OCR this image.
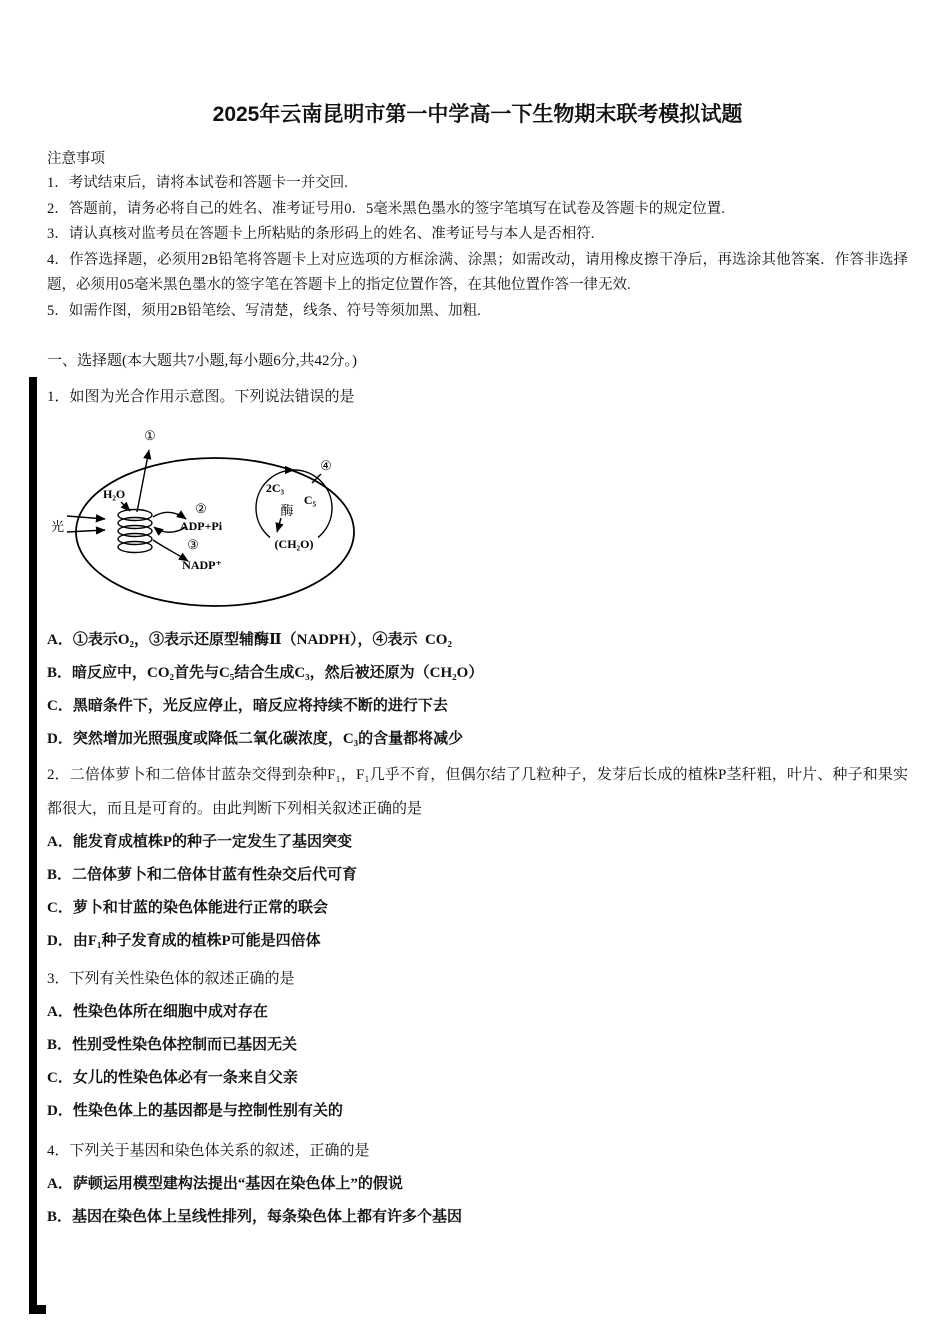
2025年云南昆明市第一中学高一下生物期末联考模拟试题
注意事项

1．考试结束后，请将本试卷和答题卡一并交回.

2．答题前，请务必将自己的姓名、准考证号用0．5毫米黑色墨水的签字笔填写在试卷及答题卡的规定位置.

3．请认真核对监考员在答题卡上所粘贴的条形码上的姓名、准考证号与本人是否相符.

4．作答选择题，必须用2B铅笔将答题卡上对应选项的方框涂满、涂黑；如需改动，请用橡皮擦干净后，再选涂其他答案．作答非选择题，必须用05毫米黑色墨水的签字笔在答题卡上的指定位置作答，在其他位置作答一律无效.

5．如需作图，须用2B铅笔绘、写清楚，线条、符号等须加黑、加粗.

一、选择题(本大题共7小题,每小题6分,共42分。)

1．如图为光合作用示意图。下列说法错误的是

①
光
H₂O
②
ADP+Pi
③
NADP⁺
2C₃
酶
C₅
(CH₂O)
④

A．①表示O₂，③表示还原型辅酶Ⅱ（NADPH），④表示  CO₂

B．暗反应中，CO₂首先与C₅结合生成C₃，然后被还原为（CH₂O）

C．黑暗条件下，光反应停止，暗反应将持续不断的进行下去

D．突然增加光照强度或降低二氧化碳浓度，C₃的含量都将减少

2．二倍体萝卜和二倍体甘蓝杂交得到杂种F₁，F₁几乎不育，但偶尔结了几粒种子，发芽后长成的植株P茎秆粗，叶片、种子和果实都很大，而且是可育的。由此判断下列相关叙述正确的是

A．能发育成植株P的种子一定发生了基因突变

B．二倍体萝卜和二倍体甘蓝有性杂交后代可育

C．萝卜和甘蓝的染色体能进行正常的联会

D．由F₁种子发育成的植株P可能是四倍体

3．下列有关性染色体的叙述正确的是

A．性染色体所在细胞中成对存在

B．性别受性染色体控制而已基因无关

C．女儿的性染色体必有一条来自父亲

D．性染色体上的基因都是与控制性别有关的

4．下列关于基因和染色体关系的叙述，正确的是

A．萨顿运用模型建构法提出“基因在染色体上”的假说

B．基因在染色体上呈线性排列，每条染色体上都有许多个基因
